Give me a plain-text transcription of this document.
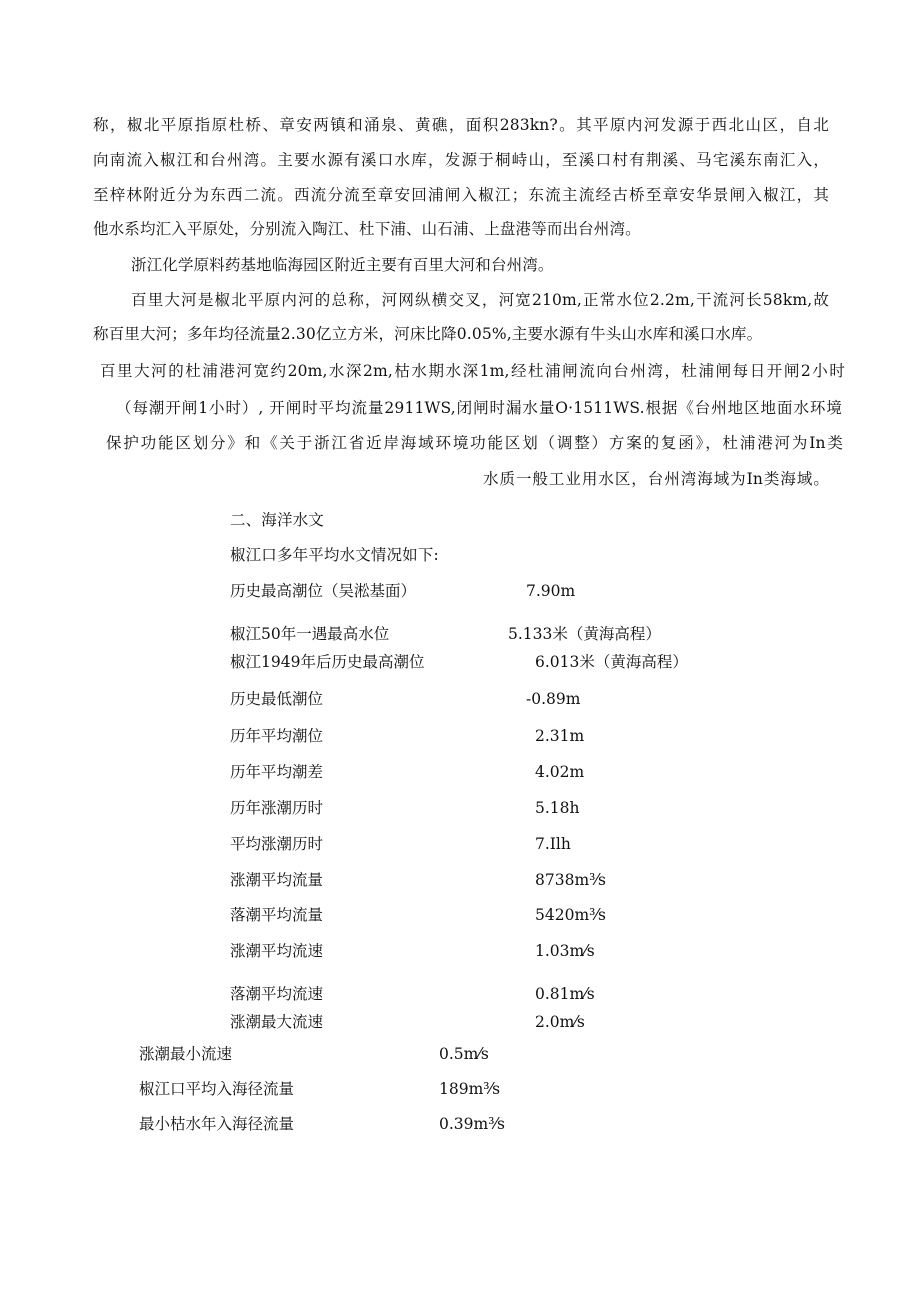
称，椒北平原指原杜桥、章安两镇和涌泉、黄礁，面积283kn?。其平原内河发源于西北山区，自北
向南流入椒江和台州湾。主要水源有溪口水库，发源于桐峙山，至溪口村有荆溪、马宅溪东南汇入，
至梓林附近分为东西二流。西流分流至章安回浦闸入椒江；东流主流经古桥至章安华景闸入椒江，其
他水系均汇入平原处，分别流入陶江、杜下浦、山石浦、上盘港等而出台州湾。
浙江化学原料药基地临海园区附近主要有百里大河和台州湾。
百里大河是椒北平原内河的总称，河网纵横交叉，河宽210m,正常水位2.2m,干流河长58km,故
称百里大河；多年均径流量2.30亿立方米，河床比降0.05%,主要水源有牛头山水库和溪口水库。
百里大河的杜浦港河宽约20m,水深2m,枯水期水深1m,经杜浦闸流向台州湾，杜浦闸每日开闸2小时
（每潮开闸1小时）, 开闸时平均流量2911WS,闭闸时漏水量O·1511WS.根据《台州地区地面水环境
保护功能区划分》和《关于浙江省近岸海域环境功能区划（调整）方案的复函》，杜浦港河为In类
水质一般工业用水区，台州湾海域为In类海域。
二、海洋水文
椒江口多年平均水文情况如下:
历史最高潮位（吴淞基面）	7.90m
椒江50年一遇最高水位	5.133米（黄海高程）
椒江1949年后历史最高潮位	6.013米（黄海高程）
历史最低潮位	-0.89m
历年平均潮位	2.31m
历年平均潮差	4.02m
历年涨潮历时	5.18h
平均涨潮历时	7.Ilh
涨潮平均流量	8738m³⁄s
落潮平均流量	5420m³⁄s
涨潮平均流速	1.03m⁄s
落潮平均流速	0.81m⁄s
涨潮最大流速	2.0m⁄s
涨潮最小流速	0.5m⁄s
椒江口平均入海径流量	189m³⁄s
最小枯水年入海径流量	0.39m³⁄s
